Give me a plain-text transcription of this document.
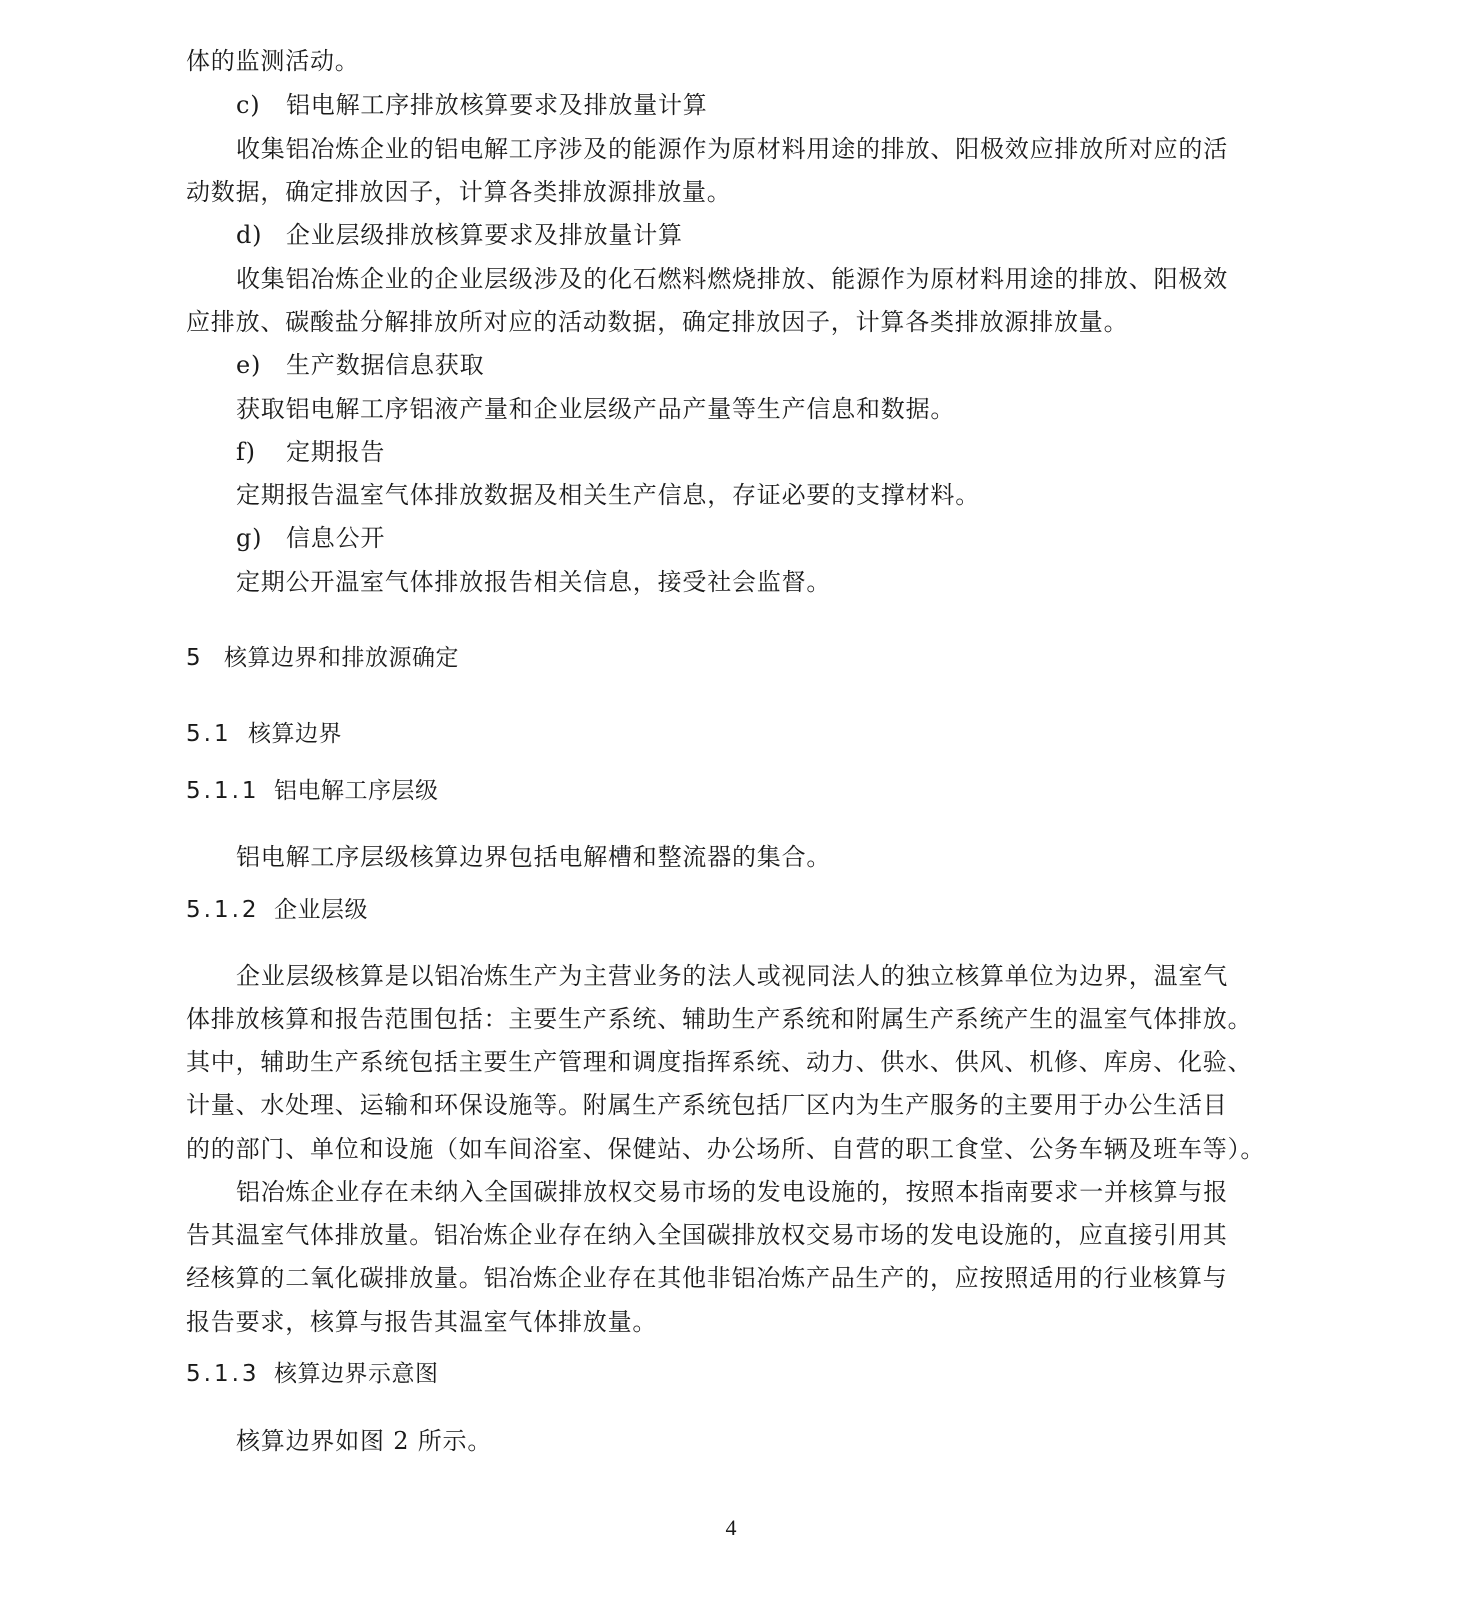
体的监测活动。
c) 铝电解工序排放核算要求及排放量计算
收集铝冶炼企业的铝电解工序涉及的能源作为原材料用途的排放、阳极效应排放所对应的活
动数据，确定排放因子，计算各类排放源排放量。
d) 企业层级排放核算要求及排放量计算
收集铝冶炼企业的企业层级涉及的化石燃料燃烧排放、能源作为原材料用途的排放、阳极效
应排放、碳酸盐分解排放所对应的活动数据，确定排放因子，计算各类排放源排放量。
e) 生产数据信息获取
获取铝电解工序铝液产量和企业层级产品产量等生产信息和数据。
f) 定期报告
定期报告温室气体排放数据及相关生产信息，存证必要的支撑材料。
g) 信息公开
定期公开温室气体排放报告相关信息，接受社会监督。
5 核算边界和排放源确定
5.1 核算边界
5.1.1 铝电解工序层级
铝电解工序层级核算边界包括电解槽和整流器的集合。
5.1.2 企业层级
企业层级核算是以铝冶炼生产为主营业务的法人或视同法人的独立核算单位为边界，温室气
体排放核算和报告范围包括：主要生产系统、辅助生产系统和附属生产系统产生的温室气体排放。
其中，辅助生产系统包括主要生产管理和调度指挥系统、动力、供水、供风、机修、库房、化验、
计量、水处理、运输和环保设施等。附属生产系统包括厂区内为生产服务的主要用于办公生活目
的的部门、单位和设施（如车间浴室、保健站、办公场所、自营的职工食堂、公务车辆及班车等）。
铝冶炼企业存在未纳入全国碳排放权交易市场的发电设施的，按照本指南要求一并核算与报
告其温室气体排放量。铝冶炼企业存在纳入全国碳排放权交易市场的发电设施的，应直接引用其
经核算的二氧化碳排放量。铝冶炼企业存在其他非铝冶炼产品生产的，应按照适用的行业核算与
报告要求，核算与报告其温室气体排放量。
5.1.3 核算边界示意图
核算边界如图 2 所示。
4
